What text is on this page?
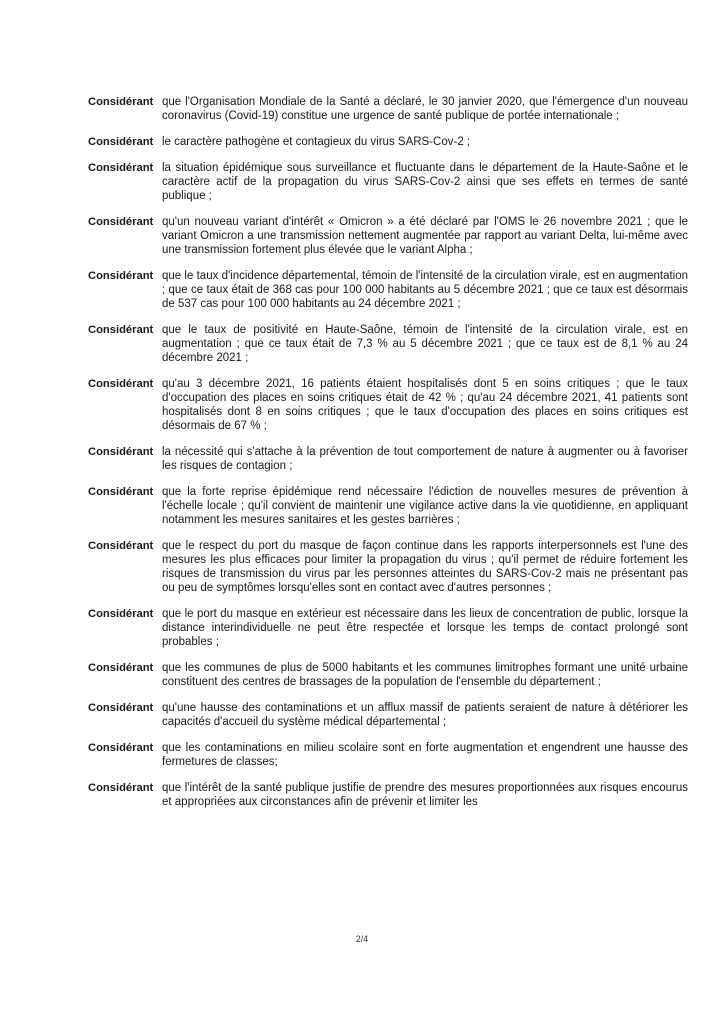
Considérant que l'Organisation Mondiale de la Santé a déclaré, le 30 janvier 2020, que l'émergence d'un nouveau coronavirus (Covid-19) constitue une urgence de santé publique de portée internationale ;
Considérant le caractère pathogène et contagieux du virus SARS-Cov-2 ;
Considérant la situation épidémique sous surveillance et fluctuante dans le département de la Haute-Saône et le caractère actif de la propagation du virus SARS-Cov-2 ainsi que ses effets en termes de santé publique ;
Considérant qu'un nouveau variant d'intérêt « Omicron » a été déclaré par l'OMS le 26 novembre 2021 ; que le variant Omicron a une transmission nettement augmentée par rapport au variant Delta, lui-même avec une transmission fortement plus élevée que le variant Alpha ;
Considérant que le taux d'incidence départemental, témoin de l'intensité de la circulation virale, est en augmentation ; que ce taux était de 368 cas pour 100 000 habitants au 5 décembre 2021 ; que ce taux est désormais de 537 cas pour 100 000 habitants au 24 décembre 2021 ;
Considérant que le taux de positivité en Haute-Saône, témoin de l'intensité de la circulation virale, est en augmentation ; que ce taux était de 7,3 % au 5 décembre 2021 ; que ce taux est de 8,1 % au 24 décembre 2021 ;
Considérant qu'au 3 décembre 2021, 16 patients étaient hospitalisés dont 5 en soins critiques ; que le taux d'occupation des places en soins critiques était de 42 % ; qu'au 24 décembre 2021, 41 patients sont hospitalisés dont 8 en soins critiques ; que le taux d'occupation des places en soins critiques est désormais de 67 % ;
Considérant la nécessité qui s'attache à la prévention de tout comportement de nature à augmenter ou à favoriser les risques de contagion ;
Considérant que la forte reprise épidémique rend nécessaire l'édiction de nouvelles mesures de prévention à l'échelle locale ; qu'il convient de maintenir une vigilance active dans la vie quotidienne, en appliquant notamment les mesures sanitaires et les gestes barrières ;
Considérant que le respect du port du masque de façon continue dans les rapports interpersonnels est l'une des mesures les plus efficaces pour limiter la propagation du virus ; qu'il permet de réduire fortement les risques de transmission du virus par les personnes atteintes du SARS-Cov-2 mais ne présentant pas ou peu de symptômes lorsqu'elles sont en contact avec d'autres personnes ;
Considérant que le port du masque en extérieur est nécessaire dans les lieux de concentration de public, lorsque la distance interindividuelle ne peut être respectée et lorsque les temps de contact prolongé sont probables ;
Considérant que les communes de plus de 5000 habitants et les communes limitrophes formant une unité urbaine constituent des centres de brassages de la population de l'ensemble du département ;
Considérant qu'une hausse des contaminations et un afflux massif de patients seraient de nature à détériorer les capacités d'accueil du système médical départemental ;
Considérant que les contaminations en milieu scolaire sont en forte augmentation et engendrent une hausse des fermetures de classes;
Considérant que l'intérêt de la santé publique justifie de prendre des mesures proportionnées aux risques encourus et appropriées aux circonstances afin de prévenir et limiter les
2/4
